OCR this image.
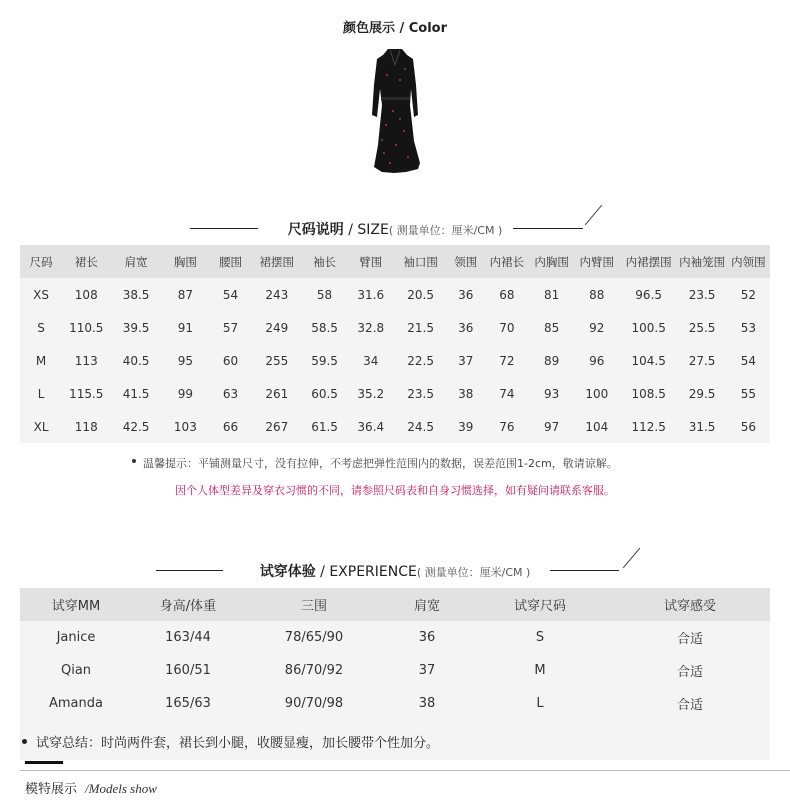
颜色展示 / Color
尺码说明 / SIZE( 测量单位：厘米/CM )
尺码	裙长	肩宽	胸围	腰围	裙摆围	袖长	臂围	袖口围	领围	内裙长	内胸围	内臂围	内裙摆围	内袖笼围	内领围
XS	108	38.5	87	54	243	58	31.6	20.5	36	68	81	88	96.5	23.5	52
S	110.5	39.5	91	57	249	58.5	32.8	21.5	36	70	85	92	100.5	25.5	53
M	113	40.5	95	60	255	59.5	34	22.5	37	72	89	96	104.5	27.5	54
L	115.5	41.5	99	63	261	60.5	35.2	23.5	38	74	93	100	108.5	29.5	55
XL	118	42.5	103	66	267	61.5	36.4	24.5	39	76	97	104	112.5	31.5	56
温馨提示：平铺测量尺寸，没有拉伸，不考虑把弹性范围内的数据，误差范围1-2cm，敬请谅解。
因个人体型差异及穿衣习惯的不同，请参照尺码表和自身习惯选择，如有疑问请联系客服。
试穿体验 / EXPERIENCE( 测量单位：厘米/CM )
试穿MM	身高/体重	三围	肩宽	试穿尺码	试穿感受
Janice	163/44	78/65/90	36	S	合适
Qian	160/51	86/70/92	37	M	合适
Amanda	165/63	90/70/98	38	L	合适
试穿总结：时尚两件套，裙长到小腿，收腰显瘦，加长腰带个性加分。
模特展示 /Models show
